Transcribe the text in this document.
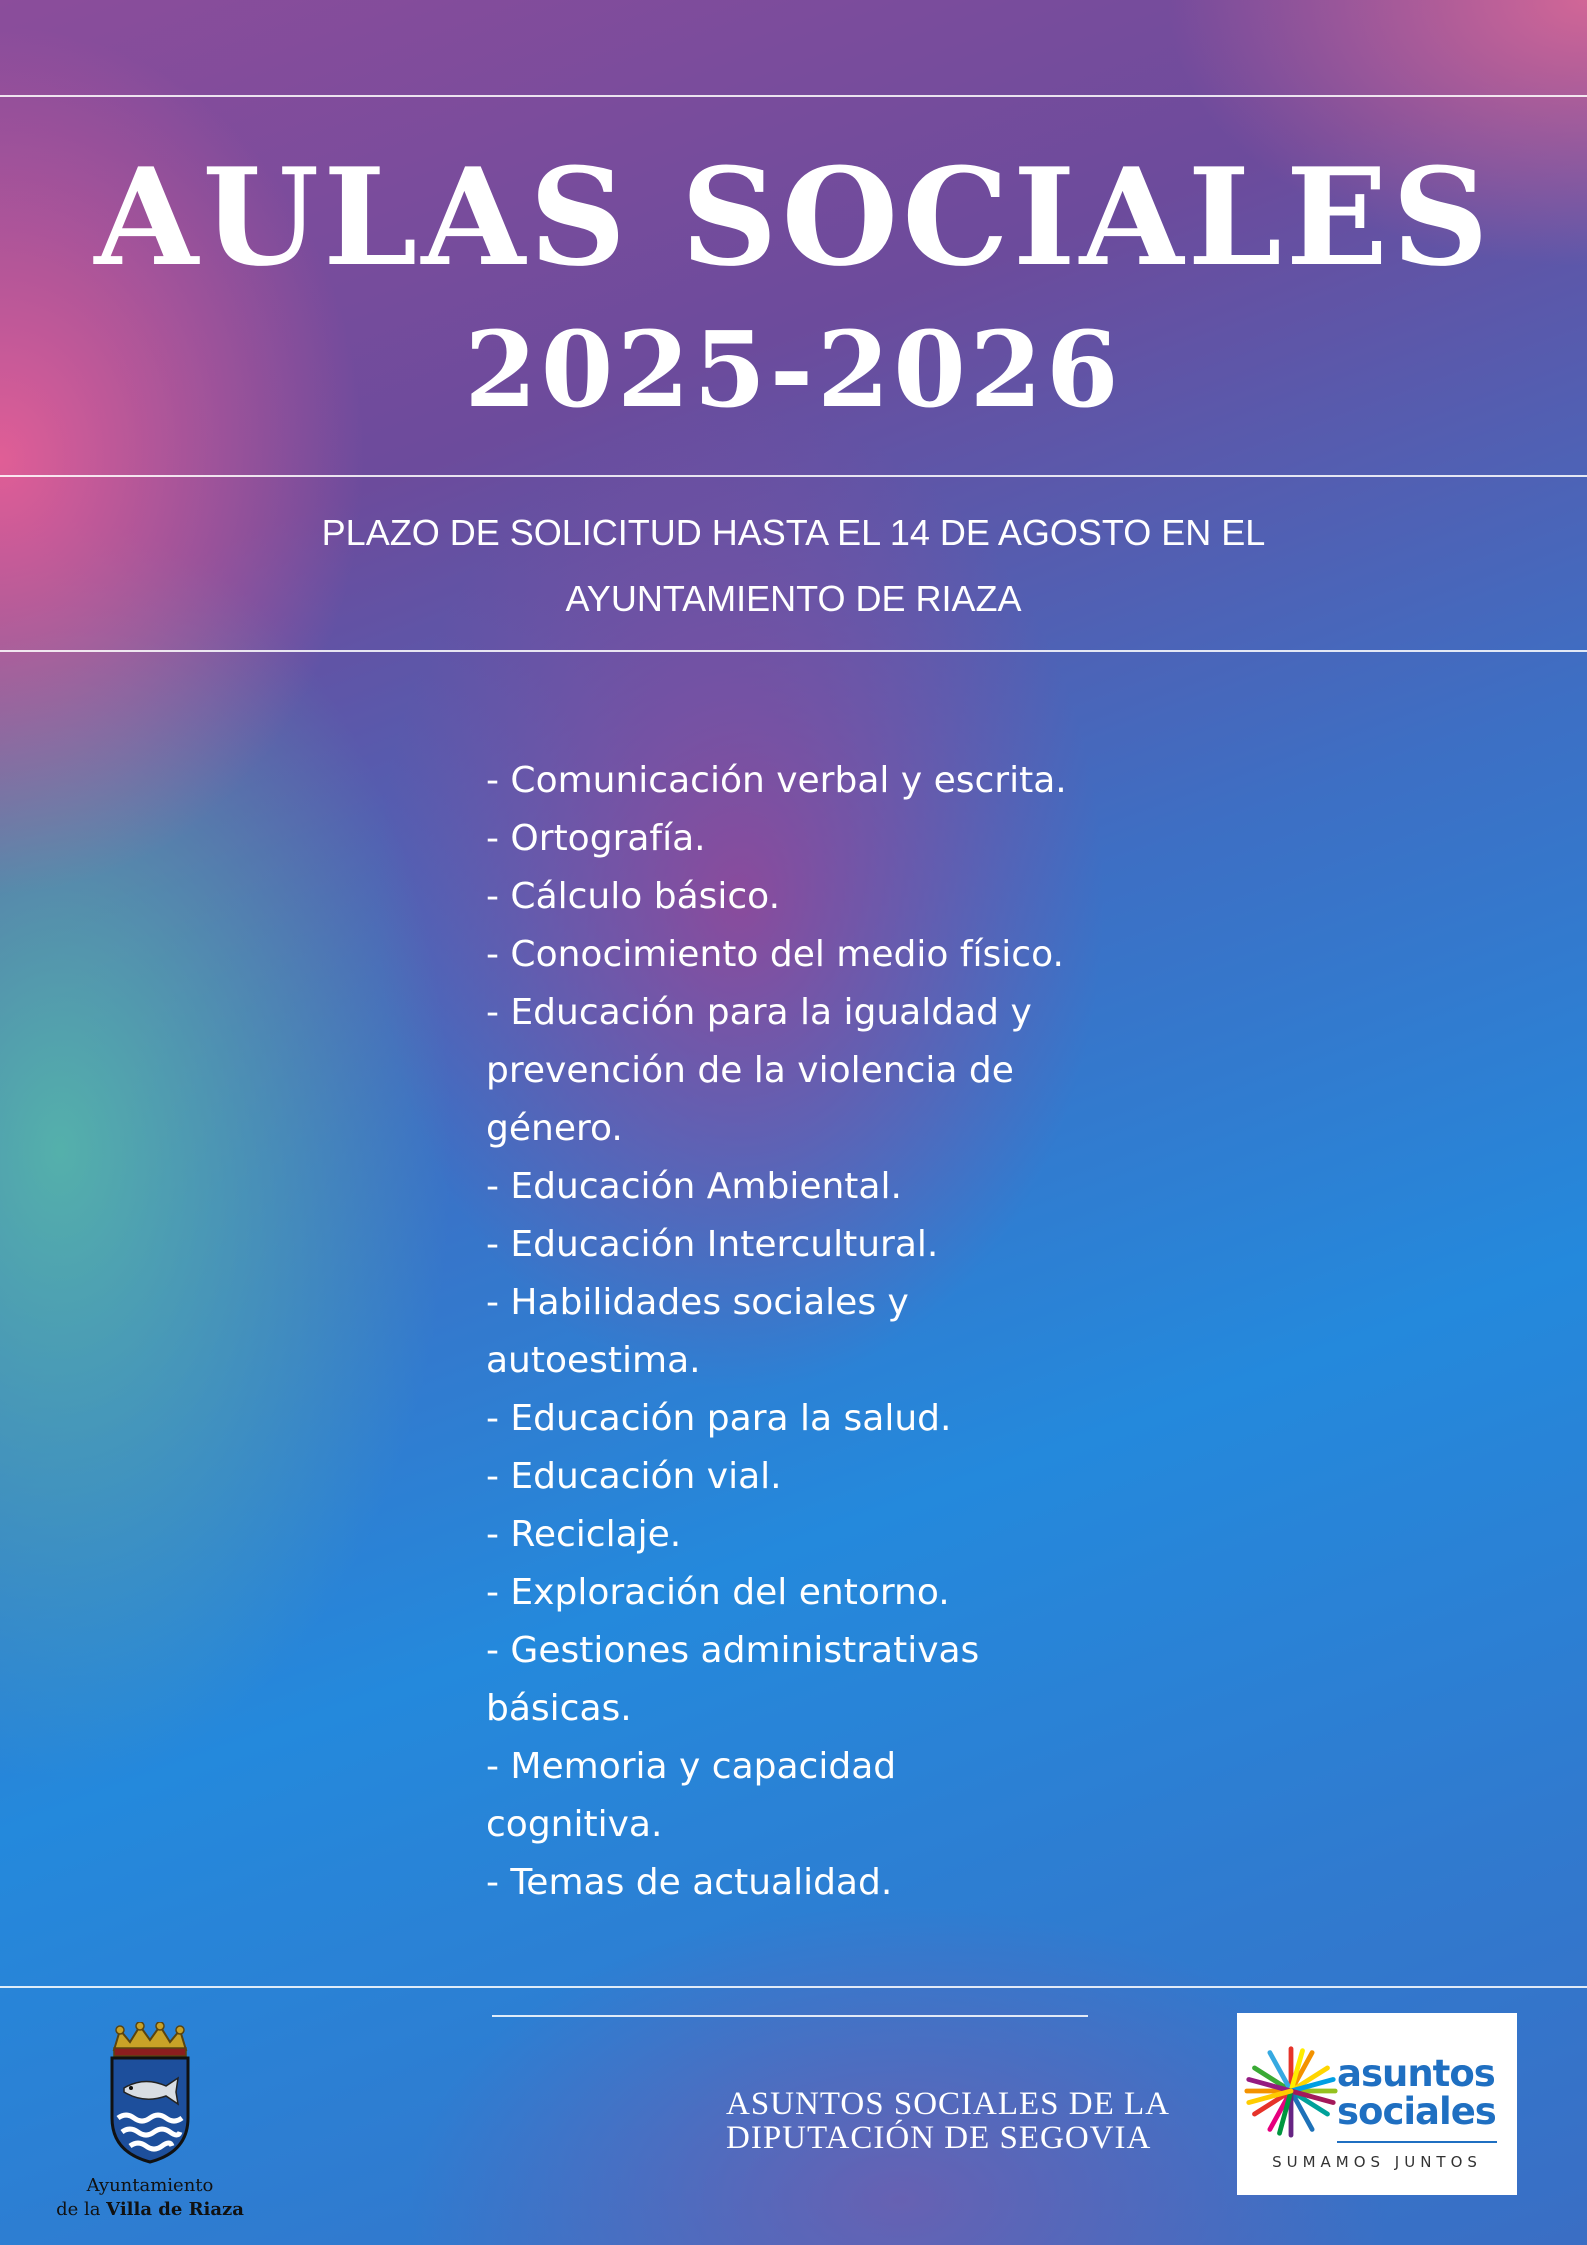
AULAS SOCIALES
2025-2026
PLAZO DE SOLICITUD HASTA EL 14 DE AGOSTO EN EL
AYUNTAMIENTO DE RIAZA
- Comunicación verbal y escrita.
- Ortografía.
- Cálculo básico.
- Conocimiento del medio físico.
- Educación para la igualdad y
prevención de la violencia de
género.
- Educación Ambiental.
- Educación Intercultural.
- Habilidades sociales y
autoestima.
- Educación para la salud.
- Educación vial.
- Reciclaje.
- Exploración del entorno.
- Gestiones administrativas
básicas.
- Memoria y capacidad
cognitiva.
- Temas de actualidad.
Ayuntamiento
de la Villa de Riaza
ASUNTOS SOCIALES DE LA
DIPUTACIÓN DE SEGOVIA
asuntos
sociales
SUMAMOS JUNTOS
